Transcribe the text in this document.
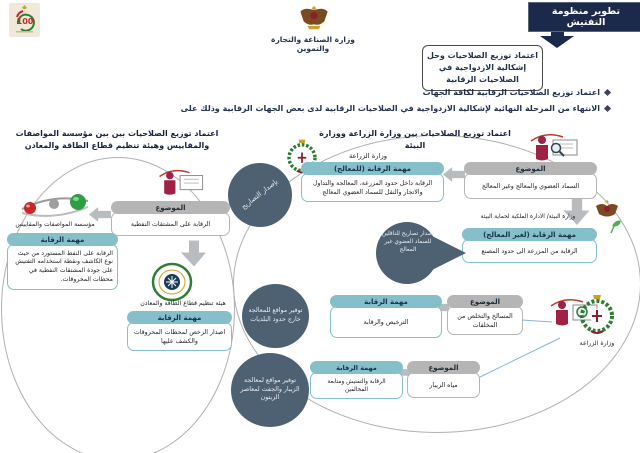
100
وزارة الصناعة والتجارة والتموين
تطوير منظومة التفتيش
اعتماد توزيع الصلاحيات وحل إشكالية الازدواجية في الصلاحيات الرقابية
اعتماد توزيع الصلاحيات الرقابية لكافة الجهات
الانتهاء من المرحلة النهائية لإشكالية الازدواجية في الصلاحيات الرقابية لدى بعض الجهات الرقابية وذلك على
اعتماد توزيع الصلاحيات بين وزارة الزراعة ووزارة البيئة
وزارة الزراعة
الموضوع
السماد العضوي والمعالج وغير المعالج
مهمة الرقابة (للمعالج)
الرقابة داخل حدود المزرعة، المعالجة والتداول والاتجار والنقل للسماد العضوي المعالج
بإصدار التصاريح
وزارة البيئة/ الادارة الملكية لحماية البيئة
مهمة الرقابة (لغير المعالج)
الرقابة من المزرعة الى حدود المصنع
اصدار تصاريح للناقلين للسماد العضوي غير المعالج
توفير مواقع للمعالجة خارج حدود البلديات
مهمة الرقابة
الترخيص والرقابة
الموضوع
المسالخ والتخلص من المخلفات
وزارة الزراعة
توفير مواقع لمعالجة الزيبار والجفت لمعاصر الزيتون
مهمة الرقابة
الرقابة والتفتيش ومتابعة المخالفين
الموضوع
مياه الزيبار
اعتماد توزيع الصلاحيات بين بين مؤسسة المواصفات والمقاييس وهيئة تنظيم قطاع الطاقة والمعادن
الموضوع
الرقابة على المشتقات النفطية
مؤسسة المواصفات والمقاييس
مهمة الرقابة
الرقابة على النفط المستورد من حيث نوع الكاشف ونقطة استخدامه التفتيش على جودة المشتقات النفطية في محطات المحروقات.
هيئة تنظيم قطاع الطاقة والمعادن
مهمة الرقابة
اصدار الرخص لمحطات المحروقات والكشف عليها
